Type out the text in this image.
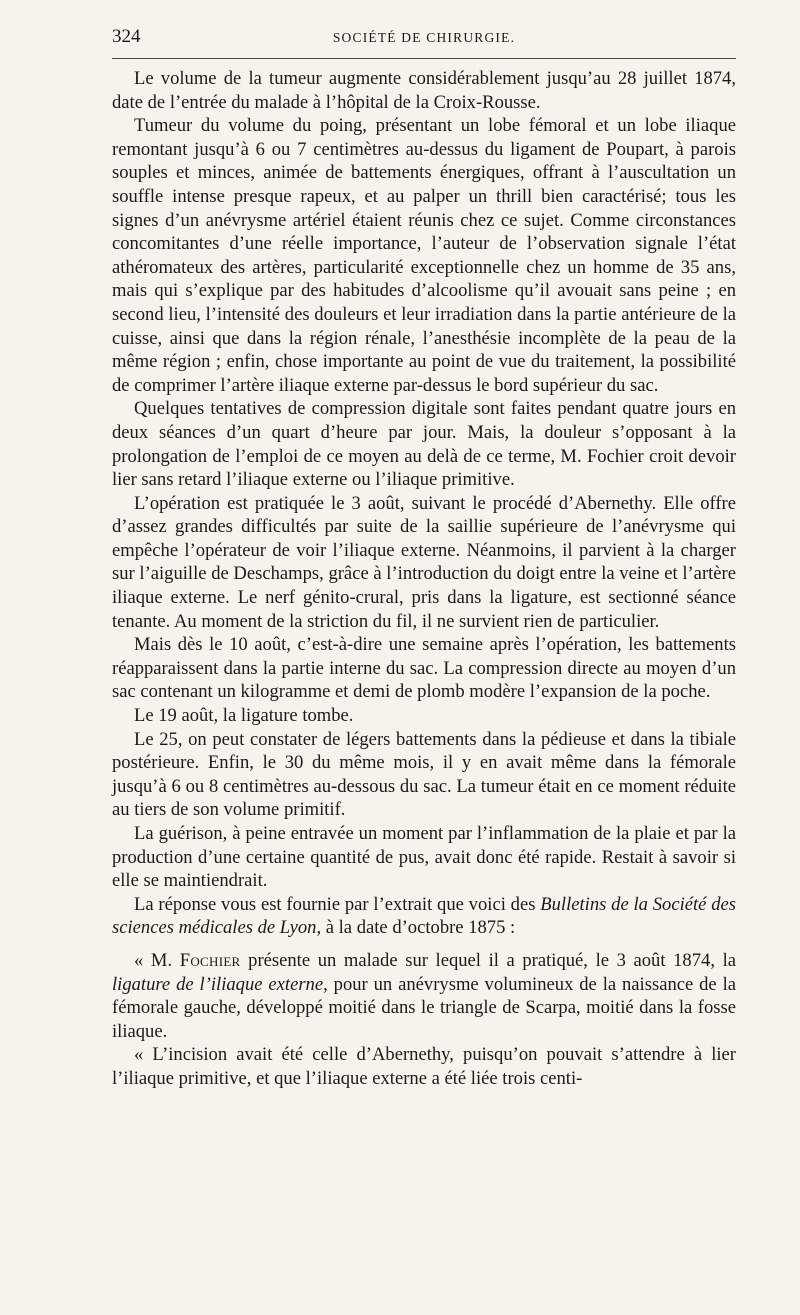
324	SOCIÉTÉ DE CHIRURGIE.

Le volume de la tumeur augmente considérablement jusqu’au 28 juillet 1874, date de l’entrée du malade à l’hôpital de la Croix-Rousse.

Tumeur du volume du poing, présentant un lobe fémoral et un lobe iliaque remontant jusqu’à 6 ou 7 centimètres au-dessus du ligament de Poupart, à parois souples et minces, animée de battements énergiques, offrant à l’auscultation un souffle intense presque rapeux, et au palper un thrill bien caractérisé; tous les signes d’un anévrysme artériel étaient réunis chez ce sujet. Comme circonstances concomitantes d’une réelle importance, l’auteur de l’observation signale l’état athéromateux des artères, particularité exceptionnelle chez un homme de 35 ans, mais qui s’explique par des habitudes d’alcoolisme qu’il avouait sans peine ; en second lieu, l’intensité des douleurs et leur irradiation dans la partie antérieure de la cuisse, ainsi que dans la région rénale, l’anesthésie incomplète de la peau de la même région ; enfin, chose importante au point de vue du traitement, la possibilité de comprimer l’artère iliaque externe par-dessus le bord supérieur du sac.

Quelques tentatives de compression digitale sont faites pendant quatre jours en deux séances d’un quart d’heure par jour. Mais, la douleur s’opposant à la prolongation de l’emploi de ce moyen au delà de ce terme, M. Fochier croit devoir lier sans retard l’iliaque externe ou l’iliaque primitive.

L’opération est pratiquée le 3 août, suivant le procédé d’Abernethy. Elle offre d’assez grandes difficultés par suite de la saillie supérieure de l’anévrysme qui empêche l’opérateur de voir l’iliaque externe. Néanmoins, il parvient à la charger sur l’aiguille de Deschamps, grâce à l’introduction du doigt entre la veine et l’artère iliaque externe. Le nerf génito-crural, pris dans la ligature, est sectionné séance tenante. Au moment de la striction du fil, il ne survient rien de particulier.

Mais dès le 10 août, c’est-à-dire une semaine après l’opération, les battements réapparaissent dans la partie interne du sac. La compression directe au moyen d’un sac contenant un kilogramme et demi de plomb modère l’expansion de la poche.

Le 19 août, la ligature tombe.

Le 25, on peut constater de légers battements dans la pédieuse et dans la tibiale postérieure. Enfin, le 30 du même mois, il y en avait même dans la fémorale jusqu’à 6 ou 8 centimètres au-dessous du sac. La tumeur était en ce moment réduite au tiers de son volume primitif.

La guérison, à peine entravée un moment par l’inflammation de la plaie et par la production d’une certaine quantité de pus, avait donc été rapide. Restait à savoir si elle se maintiendrait.

La réponse vous est fournie par l’extrait que voici des Bulletins de la Société des sciences médicales de Lyon, à la date d’octobre 1875 :

« M. Fochier présente un malade sur lequel il a pratiqué, le 3 août 1874, la ligature de l’iliaque externe, pour un anévrysme volumineux de la naissance de la fémorale gauche, développé moitié dans le triangle de Scarpa, moitié dans la fosse iliaque.

« L’incision avait été celle d’Abernethy, puisqu’on pouvait s’attendre à lier l’iliaque primitive, et que l’iliaque externe a été liée trois centi-
